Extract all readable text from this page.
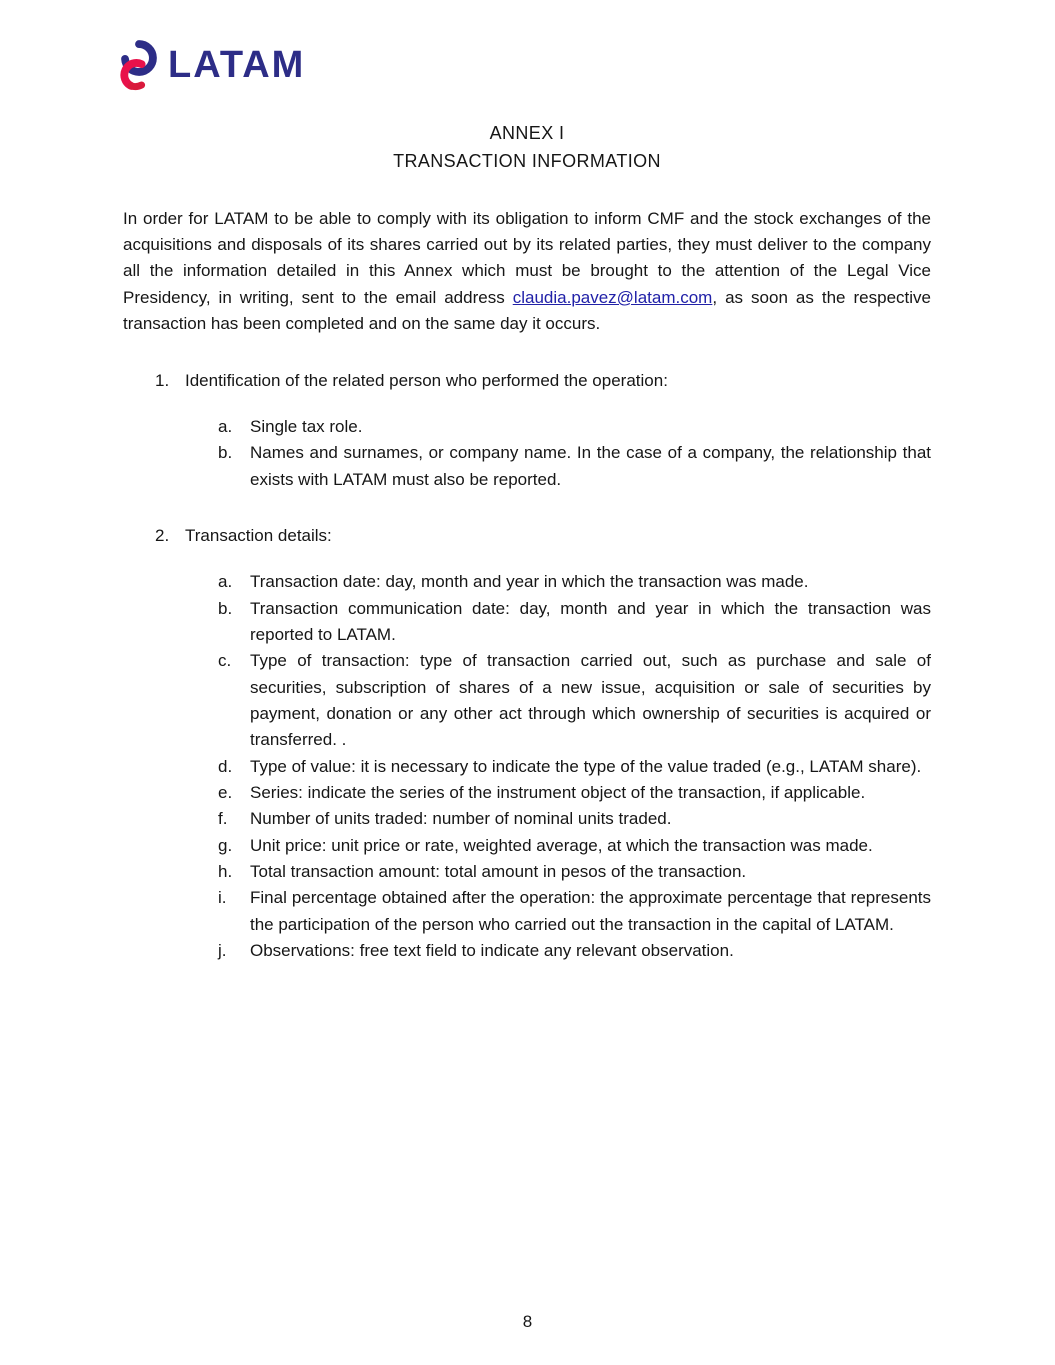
LATAM
ANNEX I
TRANSACTION INFORMATION

In order for LATAM to be able to comply with its obligation to inform CMF and the stock exchanges of the acquisitions and disposals of its shares carried out by its related parties, they must deliver to the company all the information detailed in this Annex which must be brought to the attention of the Legal Vice Presidency, in writing, sent to the email address claudia.pavez@latam.com, as soon as the respective transaction has been completed and on the same day it occurs.

1. Identification of the related person who performed the operation:
a.	Single tax role.
b.	Names and surnames, or company name. In the case of a company, the relationship that exists with LATAM must also be reported.
2. Transaction details:
a.	Transaction date: day, month and year in which the transaction was made.
b.	Transaction communication date: day, month and year in which the transaction was reported to LATAM.
c.	Type of transaction: type of transaction carried out, such as purchase and sale of securities, subscription of shares of a new issue, acquisition or sale of securities by payment, donation or any other act through which ownership of securities is acquired or transferred. .
d.	Type of value: it is necessary to indicate the type of the value traded (e.g., LATAM share).
e.	Series: indicate the series of the instrument object of the transaction, if applicable.
f.	Number of units traded: number of nominal units traded.
g.	Unit price: unit price or rate, weighted average, at which the transaction was made.
h.	Total transaction amount: total amount in pesos of the transaction.
i.	Final percentage obtained after the operation: the approximate percentage that represents the participation of the person who carried out the transaction in the capital of LATAM.
j.	Observations: free text field to indicate any relevant observation.
8
